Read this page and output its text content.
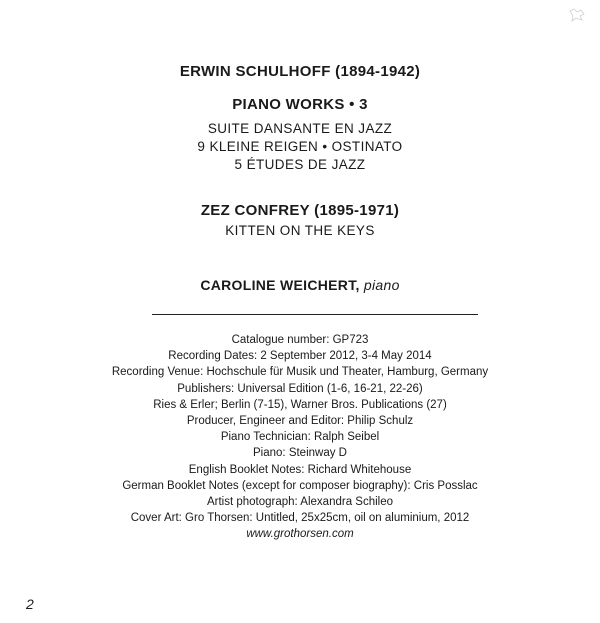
ERWIN SCHULHOFF (1894-1942)
PIANO WORKS • 3
SUITE DANSANTE EN JAZZ
9 KLEINE REIGEN • OSTINATO
5 ÉTUDES DE JAZZ
ZEZ CONFREY (1895-1971)
KITTEN ON THE KEYS
CAROLINE WEICHERT, piano
Catalogue number: GP723
Recording Dates: 2 September 2012, 3-4 May 2014
Recording Venue: Hochschule für Musik und Theater, Hamburg, Germany
Publishers: Universal Edition (1-6, 16-21, 22-26)
Ries & Erler; Berlin (7-15), Warner Bros. Publications (27)
Producer, Engineer and Editor: Philip Schulz
Piano Technician: Ralph Seibel
Piano: Steinway D
English Booklet Notes: Richard Whitehouse
German Booklet Notes (except for composer biography): Cris Posslac
Artist photograph: Alexandra Schileo
Cover Art: Gro Thorsen: Untitled, 25x25cm, oil on aluminium, 2012
www.grothorsen.com
2
